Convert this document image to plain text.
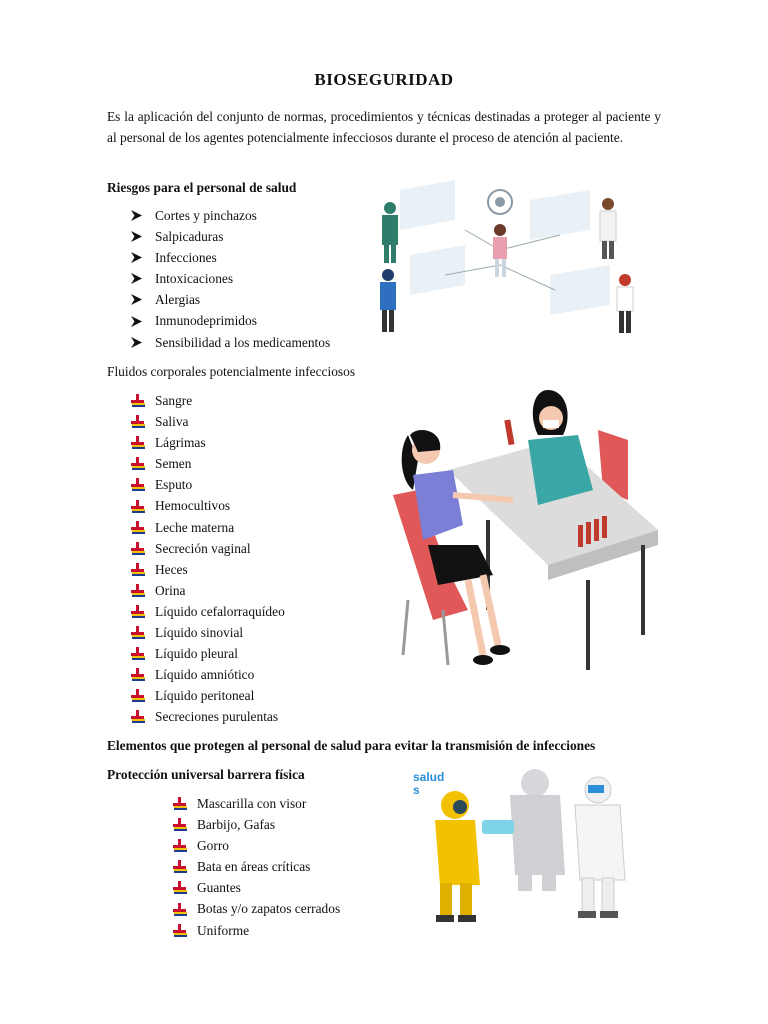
BIOSEGURIDAD
Es la aplicación del conjunto de normas, procedimientos y técnicas destinadas a proteger al paciente y al personal de los agentes potencialmente infecciosos durante el proceso de atención al paciente.
Riesgos para el personal de salud
Cortes y pinchazos
Salpicaduras
Infecciones
Intoxicaciones
Alergias
Inmunodeprimidos
Sensibilidad a los medicamentos
Fluidos corporales potencialmente infecciosos
Sangre
Saliva
Lágrimas
Semen
Esputo
Hemocultivos
Leche materna
Secreción vaginal
Heces
Orina
Líquido cefalorraquídeo
Líquido sinovial
Líquido pleural
Líquido amniótico
Líquido peritoneal
Secreciones purulentas
Elementos que protegen al personal de salud para evitar la transmisión de infecciones
Protección universal barrera física
Mascarilla con visor
Barbijo, Gafas
Gorro
Bata en áreas críticas
Guantes
Botas y/o zapatos cerrados
Uniforme
salud
s
